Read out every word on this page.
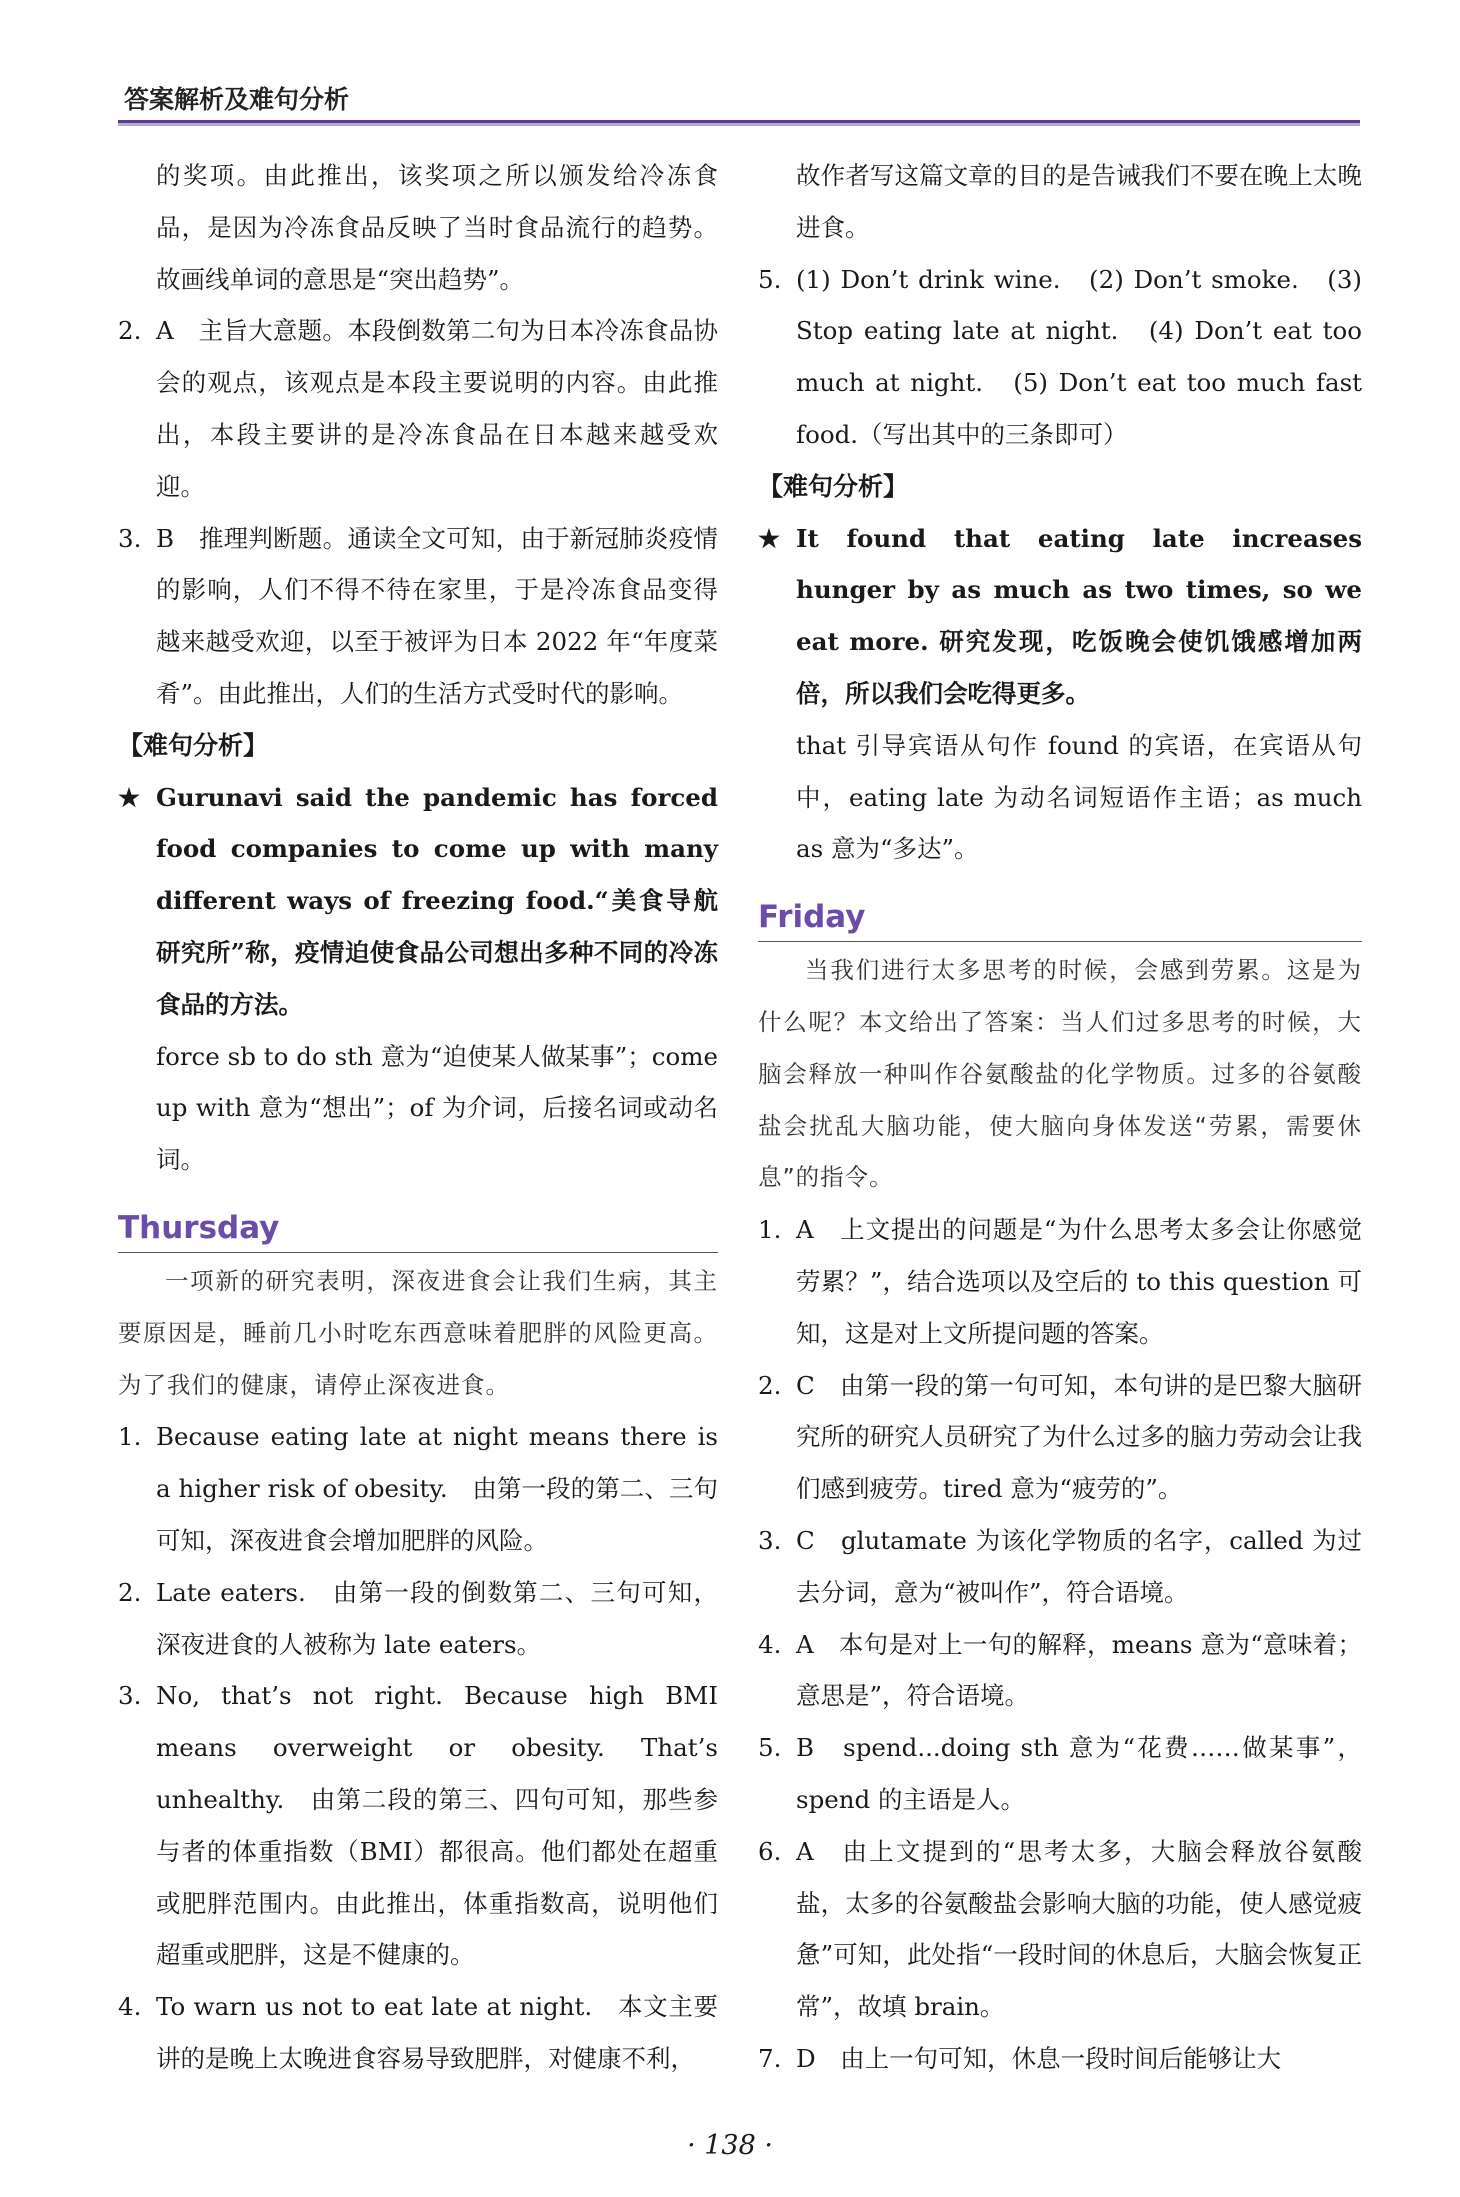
答案解析及难句分析

的奖项。由此推出，该奖项之所以颁发给冷冻食品，是因为冷冻食品反映了当时食品流行的趋势。故画线单词的意思是“突出趋势”。

2. A　主旨大意题。本段倒数第二句为日本冷冻食品协会的观点，该观点是本段主要说明的内容。由此推出，本段主要讲的是冷冻食品在日本越来越受欢迎。

3. B　推理判断题。通读全文可知，由于新冠肺炎疫情的影响，人们不得不待在家里，于是冷冻食品变得越来越受欢迎，以至于被评为日本 2022 年“年度菜肴”。由此推出，人们的生活方式受时代的影响。

【难句分析】

★ Gurunavi said the pandemic has forced food companies to come up with many different ways of freezing food.“美食导航研究所”称，疫情迫使食品公司想出多种不同的冷冻食品的方法。

force sb to do sth 意为“迫使某人做某事”；come up with 意为“想出”；of 为介词，后接名词或动名词。

Thursday

一项新的研究表明，深夜进食会让我们生病，其主要原因是，睡前几小时吃东西意味着肥胖的风险更高。为了我们的健康，请停止深夜进食。

1. Because eating late at night means there is a higher risk of obesity.　由第一段的第二、三句可知，深夜进食会增加肥胖的风险。

2. Late eaters.　由第一段的倒数第二、三句可知，深夜进食的人被称为 late eaters。

3. No, that’s not right. Because high BMI means overweight or obesity. That’s unhealthy.　由第二段的第三、四句可知，那些参与者的体重指数（BMI）都很高。他们都处在超重或肥胖范围内。由此推出，体重指数高，说明他们超重或肥胖，这是不健康的。

4. To warn us not to eat late at night.　本文主要讲的是晚上太晚进食容易导致肥胖，对健康不利，

故作者写这篇文章的目的是告诫我们不要在晚上太晚进食。

5. (1) Don’t drink wine.　(2) Don’t smoke.　(3) Stop eating late at night.　(4) Don’t eat too much at night.　(5) Don’t eat too much fast food.（写出其中的三条即可）

【难句分析】

★ It found that eating late increases hunger by as much as two times, so we eat more. 研究发现，吃饭晚会使饥饿感增加两倍，所以我们会吃得更多。

that 引导宾语从句作 found 的宾语，在宾语从句中，eating late 为动名词短语作主语；as much as 意为“多达”。

Friday

当我们进行太多思考的时候，会感到劳累。这是为什么呢？本文给出了答案：当人们过多思考的时候，大脑会释放一种叫作谷氨酸盐的化学物质。过多的谷氨酸盐会扰乱大脑功能，使大脑向身体发送“劳累，需要休息”的指令。

1. A　上文提出的问题是“为什么思考太多会让你感觉劳累？”，结合选项以及空后的 to this question 可知，这是对上文所提问题的答案。

2. C　由第一段的第一句可知，本句讲的是巴黎大脑研究所的研究人员研究了为什么过多的脑力劳动会让我们感到疲劳。tired 意为“疲劳的”。

3. C　glutamate 为该化学物质的名字，called 为过去分词，意为“被叫作”，符合语境。

4. A　本句是对上一句的解释，means 意为“意味着；意思是”，符合语境。

5. B　spend...doing sth 意为“花费……做某事”，spend 的主语是人。

6. A　由上文提到的“思考太多，大脑会释放谷氨酸盐，太多的谷氨酸盐会影响大脑的功能，使人感觉疲惫”可知，此处指“一段时间的休息后，大脑会恢复正常”，故填 brain。

7. D　由上一句可知，休息一段时间后能够让大

· 138 ·
